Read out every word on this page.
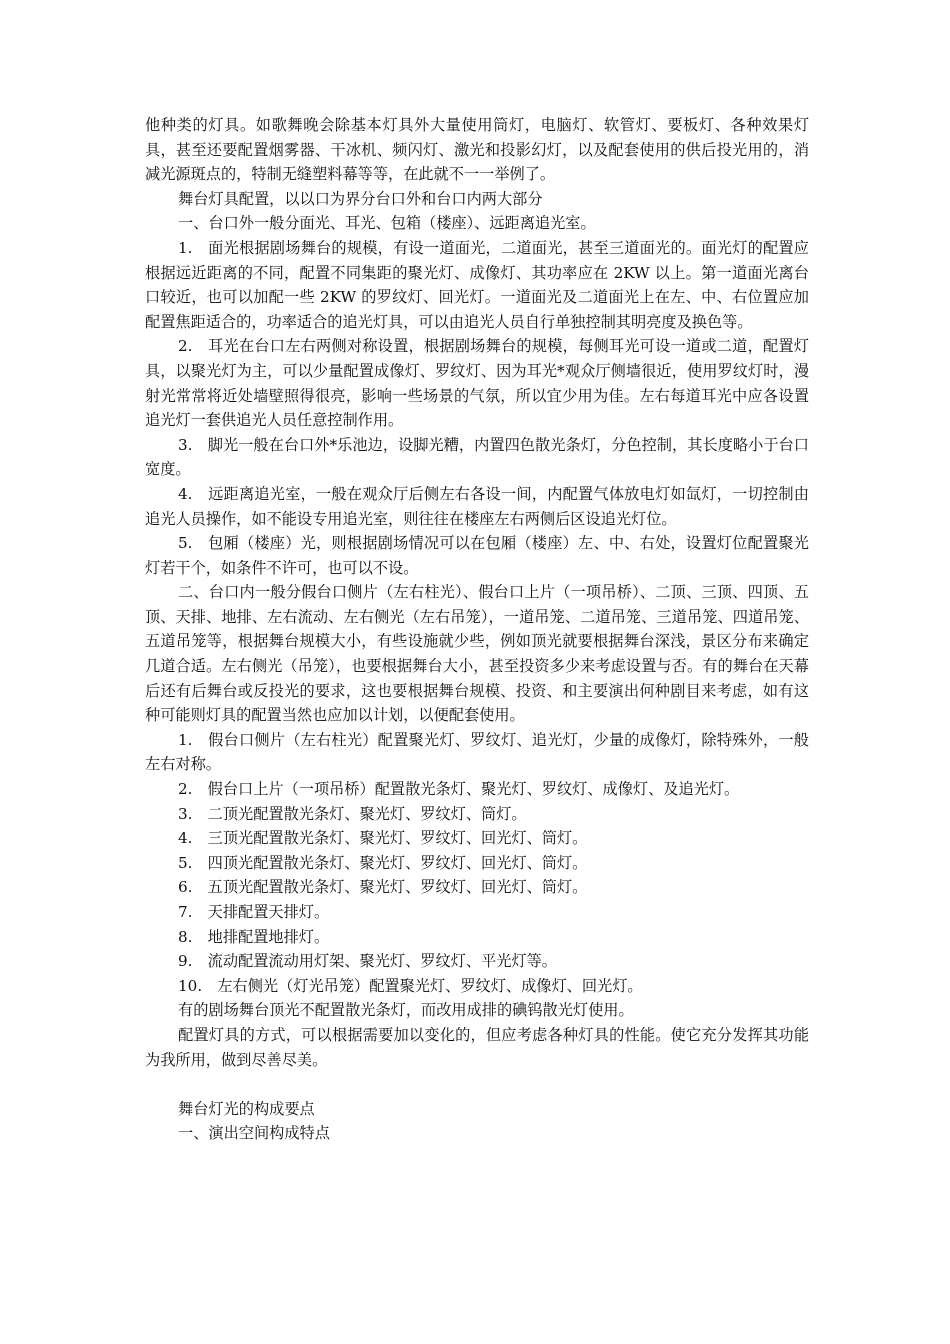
他种类的灯具。如歌舞晚会除基本灯具外大量使用筒灯，电脑灯、软管灯、要板灯、各种效果灯具，甚至还要配置烟雾器、干冰机、频闪灯、激光和投影幻灯，以及配套使用的供后投光用的，消减光源斑点的，特制无缝塑料幕等等，在此就不一一举例了。

舞台灯具配置，以以口为界分台口外和台口内两大部分

一、台口外一般分面光、耳光、包箱（楼座）、远距离追光室。

1.　面光根据剧场舞台的规模，有设一道面光，二道面光，甚至三道面光的。面光灯的配置应根据远近距离的不同，配置不同集距的聚光灯、成像灯、其功率应在 2KW 以上。第一道面光离台口较近，也可以加配一些 2KW 的罗纹灯、回光灯。一道面光及二道面光上在左、中、右位置应加配置焦距适合的，功率适合的追光灯具，可以由追光人员自行单独控制其明亮度及换色等。

2.　耳光在台口左右两侧对称设置，根据剧场舞台的规模，每侧耳光可设一道或二道，配置灯具，以聚光灯为主，可以少量配置成像灯、罗纹灯、因为耳光*观众厅侧墙很近，使用罗纹灯时，漫射光常常将近处墙壁照得很亮，影响一些场景的气氛，所以宜少用为佳。左右每道耳光中应各设置追光灯一套供追光人员任意控制作用。

3.　脚光一般在台口外*乐池边，设脚光糟，内置四色散光条灯，分色控制，其长度略小于台口宽度。

4.　远距离追光室，一般在观众厅后侧左右各设一间，内配置气体放电灯如氙灯，一切控制由追光人员操作，如不能设专用追光室，则往往在楼座左右两侧后区设追光灯位。

5.　包厢（楼座）光，则根据剧场情况可以在包厢（楼座）左、中、右处，设置灯位配置聚光灯若干个，如条件不许可，也可以不设。

二、台口内一般分假台口侧片（左右柱光）、假台口上片（一项吊桥）、二顶、三顶、四顶、五顶、天排、地排、左右流动、左右侧光（左右吊笼），一道吊笼、二道吊笼、三道吊笼、四道吊笼、五道吊笼等，根据舞台规模大小，有些设施就少些，例如顶光就要根据舞台深浅，景区分布来确定几道合适。左右侧光（吊笼），也要根据舞台大小，甚至投资多少来考虑设置与否。有的舞台在天幕后还有后舞台或反投光的要求，这也要根据舞台规模、投资、和主要演出何种剧目来考虑，如有这种可能则灯具的配置当然也应加以计划，以便配套使用。

1.　假台口侧片（左右柱光）配置聚光灯、罗纹灯、追光灯，少量的成像灯，除特殊外，一般左右对称。

2.　假台口上片（一项吊桥）配置散光条灯、聚光灯、罗纹灯、成像灯、及追光灯。

3.　二顶光配置散光条灯、聚光灯、罗纹灯、筒灯。

4.　三顶光配置散光条灯、聚光灯、罗纹灯、回光灯、筒灯。

5.　四顶光配置散光条灯、聚光灯、罗纹灯、回光灯、筒灯。

6.　五顶光配置散光条灯、聚光灯、罗纹灯、回光灯、筒灯。

7.　天排配置天排灯。

8.　地排配置地排灯。

9.　流动配置流动用灯架、聚光灯、罗纹灯、平光灯等。

10.　左右侧光（灯光吊笼）配置聚光灯、罗纹灯、成像灯、回光灯。

有的剧场舞台顶光不配置散光条灯，而改用成排的碘钨散光灯使用。

配置灯具的方式，可以根据需要加以变化的，但应考虑各种灯具的性能。使它充分发挥其功能为我所用，做到尽善尽美。

舞台灯光的构成要点

一、演出空间构成特点
